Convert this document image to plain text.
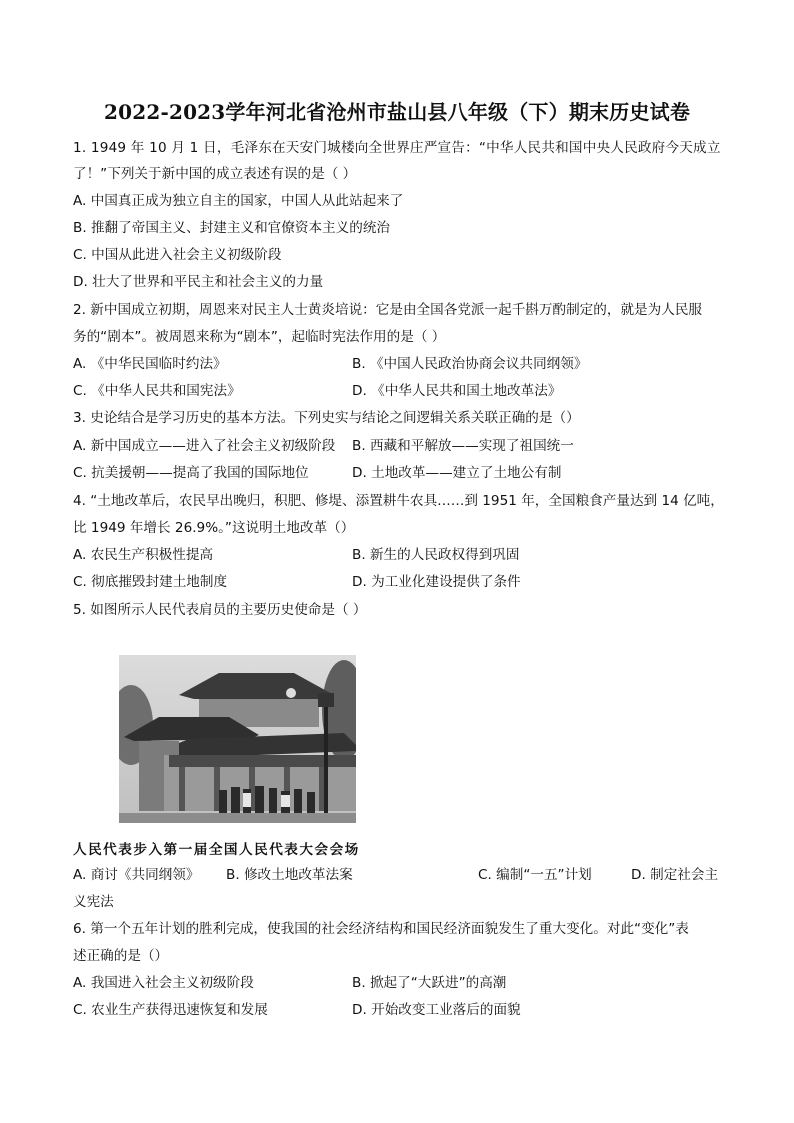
2022-2023学年河北省沧州市盐山县八年级（下）期末历史试卷
1. 1949 年 10 月 1 日，毛泽东在天安门城楼向全世界庄严宣告：“中华人民共和国中央人民政府今天成立
了！”下列关于新中国的成立表述有误的是（ ）
A. 中国真正成为独立自主的国家，中国人从此站起来了
B. 推翻了帝国主义、封建主义和官僚资本主义的统治
C. 中国从此进入社会主义初级阶段
D. 壮大了世界和平民主和社会主义的力量
2. 新中国成立初期，周恩来对民主人士黄炎培说：它是由全国各党派一起千斟万酌制定的，就是为人民服
务的“剧本”。被周恩来称为“剧本”，起临时宪法作用的是（ ）
A. 《中华民国临时约法》	B. 《中国人民政治协商会议共同纲领》
C. 《中华人民共和国宪法》	D. 《中华人民共和国土地改革法》
3. 史论结合是学习历史的基本方法。下列史实与结论之间逻辑关系关联正确的是（）
A. 新中国成立——进入了社会主义初级阶段 B. 西藏和平解放——实现了祖国统一
C. 抗美援朝——提高了我国的国际地位	D. 土地改革——建立了土地公有制
4. “土地改革后，农民早出晚归，积肥、修堤、添置耕牛农具……到 1951 年，全国粮食产量达到 14 亿吨，
比 1949 年增长 26.9%。”这说明土地改革（）
A. 农民生产积极性提高	B. 新生的人民政权得到巩固
C. 彻底摧毁封建土地制度	D. 为工业化建设提供了条件
5. 如图所示人民代表肩员的主要历史使命是（ ）
人民代表步入第一届全国人民代表大会会场
A. 商讨《共同纲领》 B. 修改土地改革法案	C. 编制“一五”计划	D. 制定社会主
义宪法
6. 第一个五年计划的胜利完成，使我国的社会经济结构和国民经济面貌发生了重大变化。对此“变化”表
述正确的是（）
A. 我国进入社会主义初级阶段	B. 掀起了“大跃进”的高潮
C. 农业生产获得迅速恢复和发展	D. 开始改变工业落后的面貌
